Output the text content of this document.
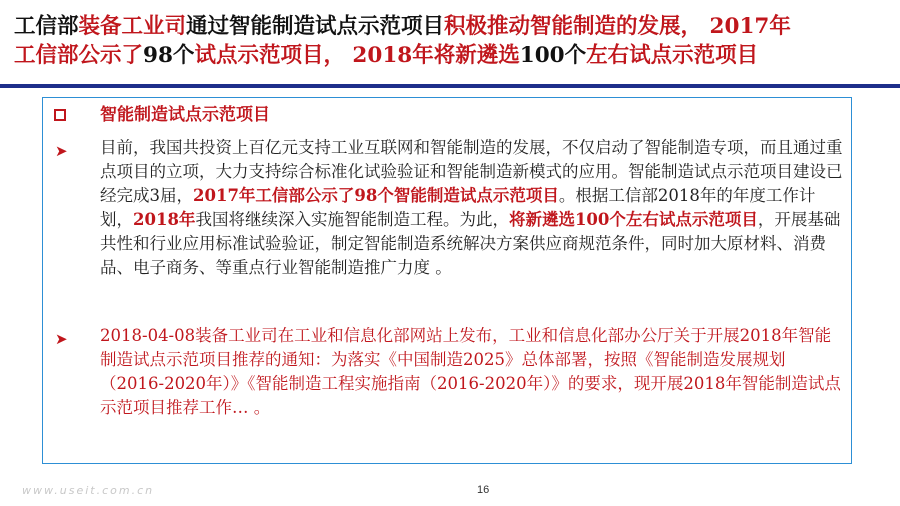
工信部装备工业司通过智能制造试点示范项目积极推动智能制造的发展， 2017年
工信部公示了98个试点示范项目， 2018年将新遴选100个左右试点示范项目
智能制造试点示范项目
➤ 目前，我国共投资上百亿元支持工业互联网和智能制造的发展，不仅启动了智能制造专项，而且通过重点项目的立项，大力支持综合标准化试验验证和智能制造新模式的应用。智能制造试点示范项目建设已经完成3届，2017年工信部公示了98个智能制造试点示范项目。根据工信部2018年的年度工作计划，2018年我国将继续深入实施智能制造工程。为此，将新遴选100个左右试点示范项目，开展基础共性和行业应用标准试验验证，制定智能制造系统解决方案供应商规范条件，同时加大原材料、消费品、电子商务、等重点行业智能制造推广力度 。
➤ 2018-04-08装备工业司在工业和信息化部网站上发布，工业和信息化部办公厅关于开展2018年智能制造试点示范项目推荐的通知：为落实《中国制造2025》总体部署，按照《智能制造发展规划（2016-2020年）》《智能制造工程实施指南（2016-2020年）》的要求，现开展2018年智能制造试点示范项目推荐工作… 。
www.useit.com.cn	16
